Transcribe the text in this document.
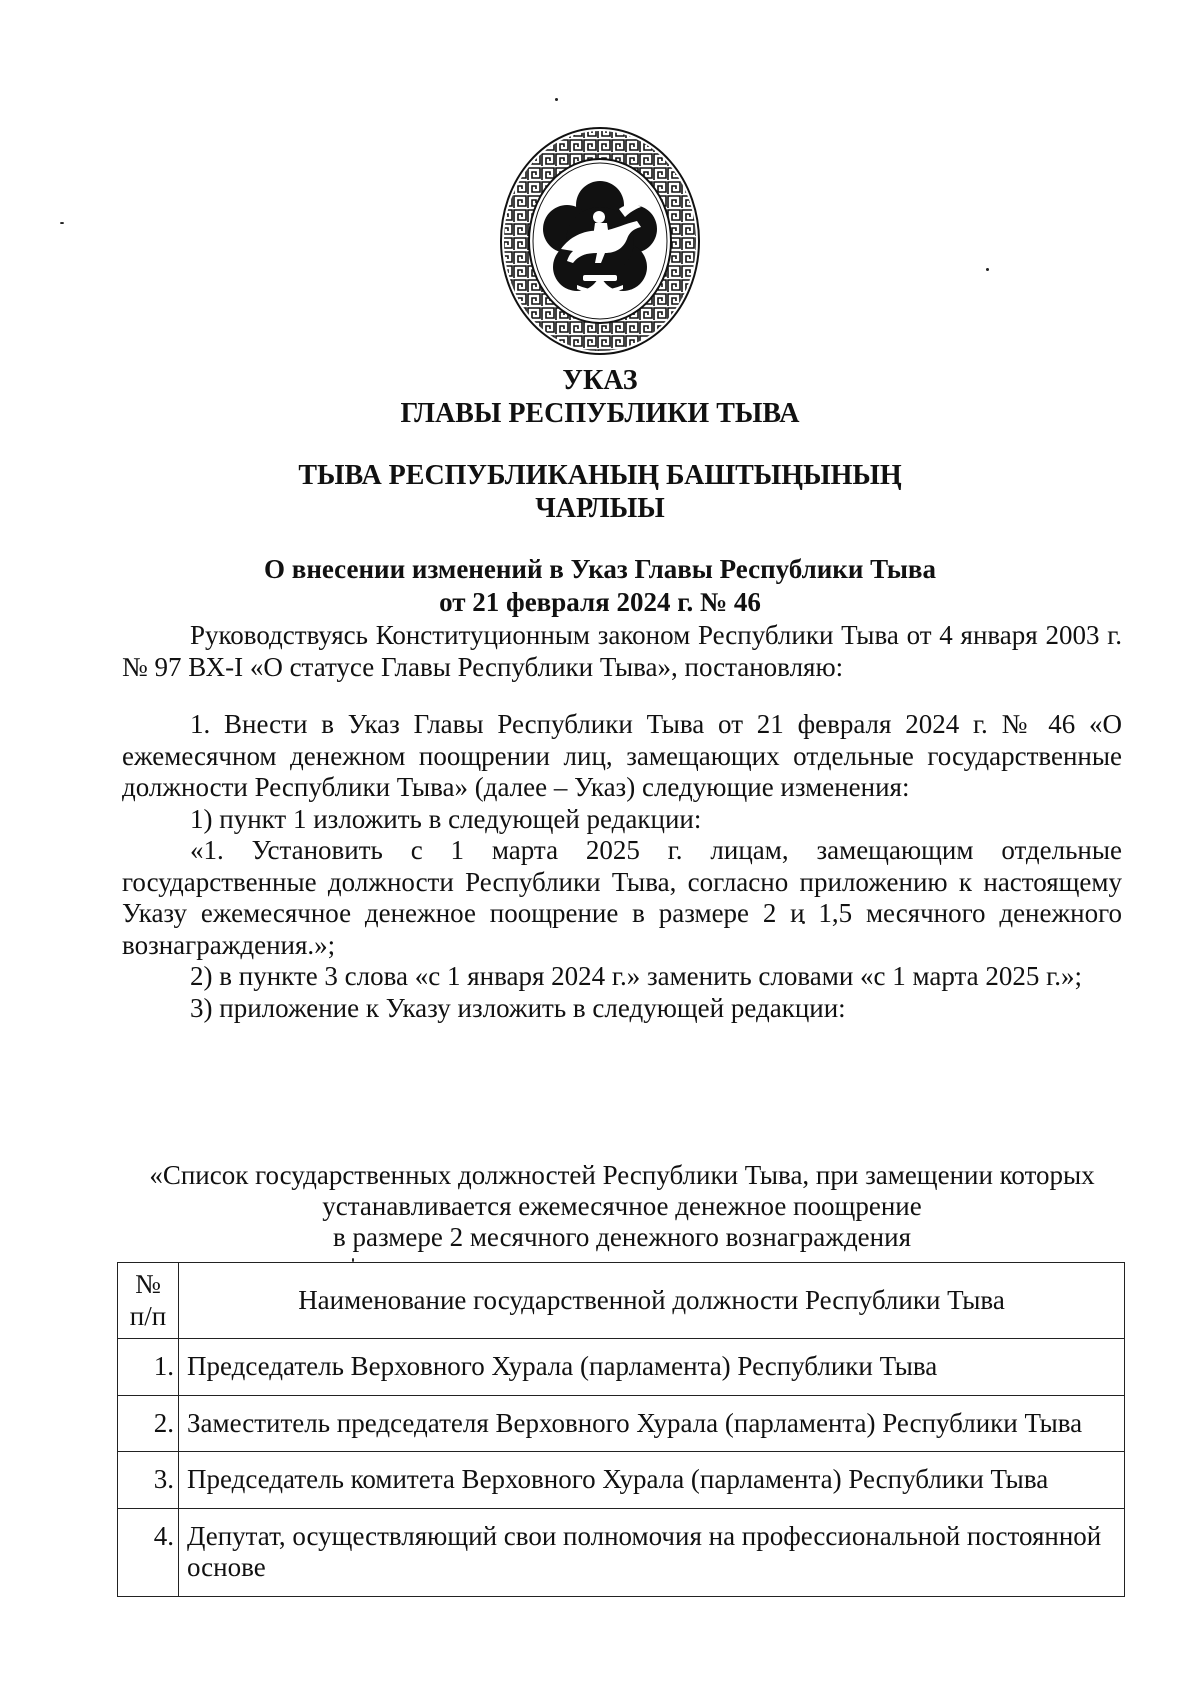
УКАЗ
ГЛАВЫ РЕСПУБЛИКИ ТЫВА
ТЫВА РЕСПУБЛИКАНЫҢ БАШТЫҢЫНЫҢ
ЧАРЛЫЫ
О внесении изменений в Указ Главы Республики Тыва
от 21 февраля 2024 г. № 46

Руководствуясь Конституционным законом Республики Тыва от 4 января 2003 г. № 97 ВХ-I «О статусе Главы Республики Тыва», постановляю:

1. Внести в Указ Главы Республики Тыва от 21 февраля 2024 г. № 46 «О ежемесячном денежном поощрении лиц, замещающих отдельные государственные должности Республики Тыва» (далее – Указ) следующие изменения:

1) пункт 1 изложить в следующей редакции:

«1. Установить с 1 марта 2025 г. лицам, замещающим отдельные государственные должности Республики Тыва, согласно приложению к настоящему Указу ежемесячное денежное поощрение в размере 2 и 1,5 месячного денежного вознаграждения.»;

2) в пункте 3 слова «с 1 января 2024 г.» заменить словами «с 1 марта 2025 г.»;

3) приложение к Указу изложить в следующей редакции:

«Список государственных должностей Республики Тыва, при замещении которых
устанавливается ежемесячное денежное поощрение
в размере 2 месячного денежного вознаграждения
№
п/п	Наименование государственной должности Республики Тыва
1.	Председатель Верховного Хурала (парламента) Республики Тыва
2.	Заместитель председателя Верховного Хурала (парламента) Республики Тыва
3.	Председатель комитета Верховного Хурала (парламента) Республики Тыва
4.	Депутат, осуществляющий свои полномочия на профессиональной постоянной основе
